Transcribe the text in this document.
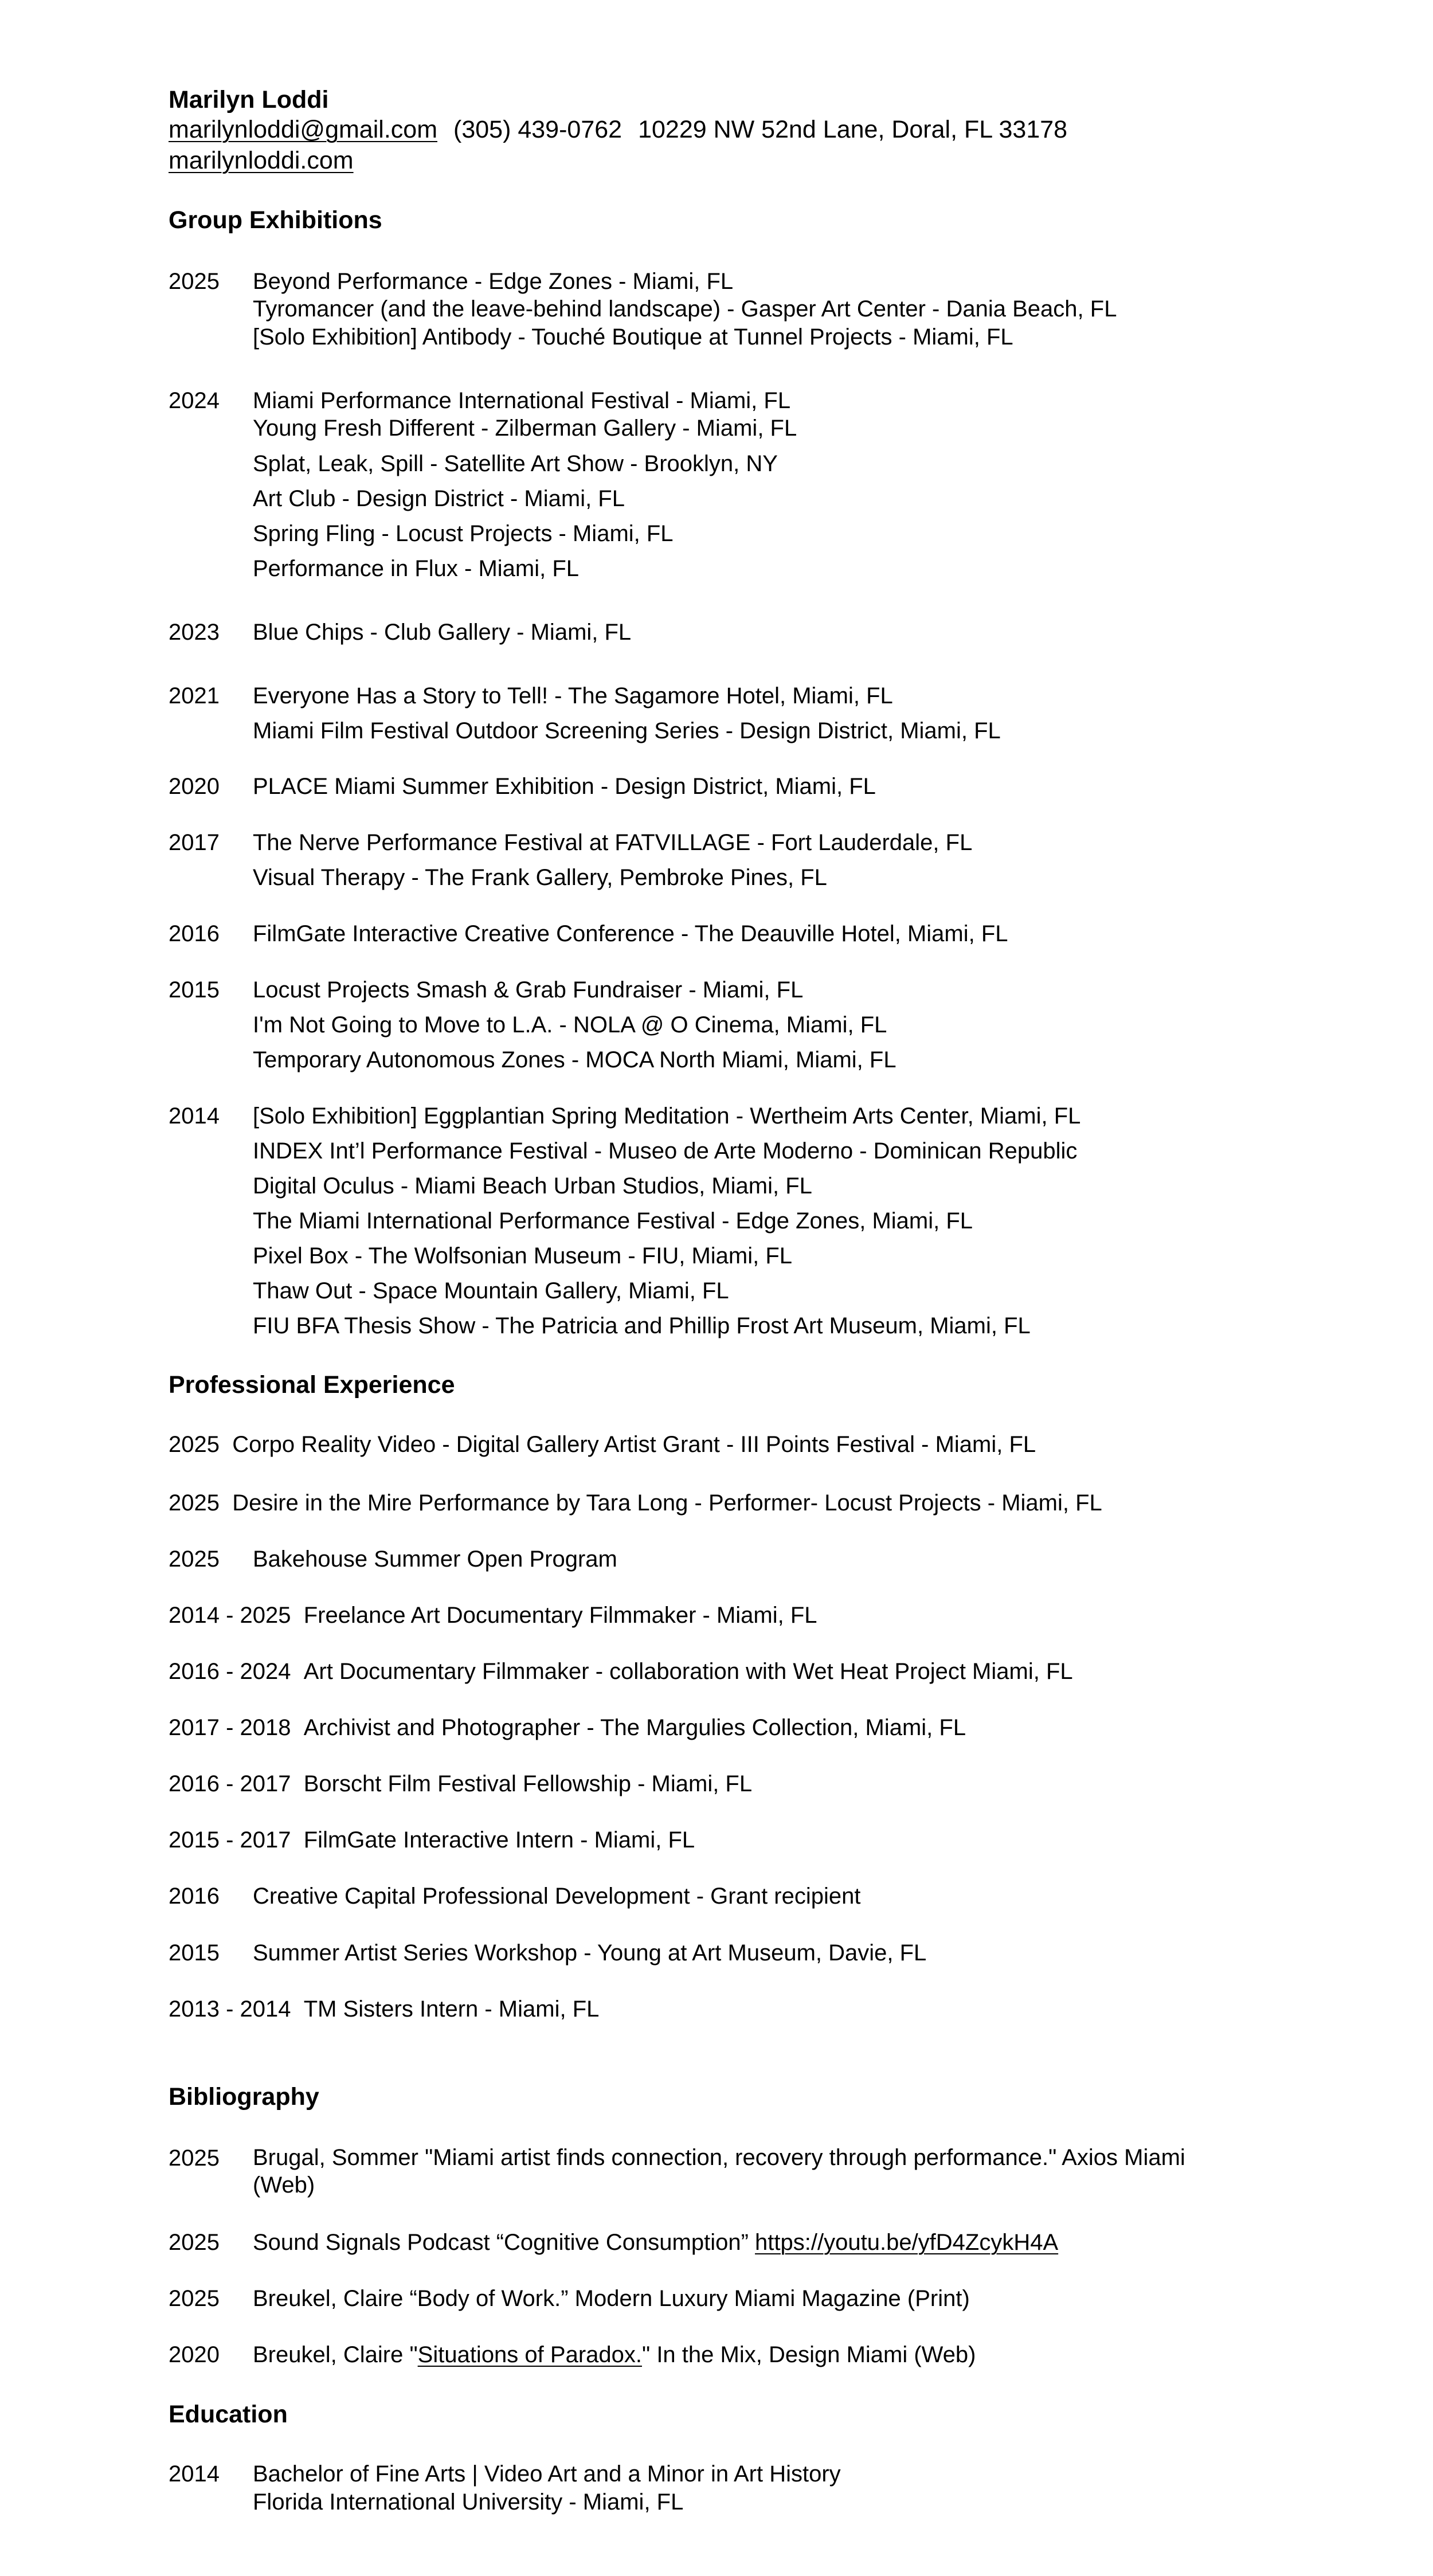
Marilyn Loddi
marilynloddi@gmail.com (305) 439-0762 10229 NW 52nd Lane, Doral, FL 33178
marilynloddi.com
Group Exhibitions
2025 Beyond Performance - Edge Zones - Miami, FL
Tyromancer (and the leave-behind landscape) - Gasper Art Center - Dania Beach, FL
[Solo Exhibition] Antibody - Touché Boutique at Tunnel Projects - Miami, FL
2024 Miami Performance International Festival - Miami, FL
Young Fresh Different - Zilberman Gallery - Miami, FL
Splat, Leak, Spill - Satellite Art Show - Brooklyn, NY
Art Club - Design District - Miami, FL
Spring Fling - Locust Projects - Miami, FL
Performance in Flux - Miami, FL
2023 Blue Chips - Club Gallery - Miami, FL
2021 Everyone Has a Story to Tell! - The Sagamore Hotel, Miami, FL
Miami Film Festival Outdoor Screening Series - Design District, Miami, FL
2020 PLACE Miami Summer Exhibition - Design District, Miami, FL
2017 The Nerve Performance Festival at FATVILLAGE - Fort Lauderdale, FL
Visual Therapy - The Frank Gallery, Pembroke Pines, FL
2016 FilmGate Interactive Creative Conference - The Deauville Hotel, Miami, FL
2015 Locust Projects Smash & Grab Fundraiser - Miami, FL
I'm Not Going to Move to L.A. - NOLA @ O Cinema, Miami, FL
Temporary Autonomous Zones - MOCA North Miami, Miami, FL
2014 [Solo Exhibition] Eggplantian Spring Meditation - Wertheim Arts Center, Miami, FL
INDEX Int’l Performance Festival - Museo de Arte Moderno - Dominican Republic
Digital Oculus - Miami Beach Urban Studios, Miami, FL
The Miami International Performance Festival - Edge Zones, Miami, FL
Pixel Box - The Wolfsonian Museum - FIU, Miami, FL
Thaw Out - Space Mountain Gallery, Miami, FL
FIU BFA Thesis Show - The Patricia and Phillip Frost Art Museum, Miami, FL
Professional Experience
2025 Corpo Reality Video - Digital Gallery Artist Grant - III Points Festival - Miami, FL
2025 Desire in the Mire Performance by Tara Long - Performer- Locust Projects - Miami, FL
2025 Bakehouse Summer Open Program
2014 - 2025 Freelance Art Documentary Filmmaker - Miami, FL
2016 - 2024 Art Documentary Filmmaker - collaboration with Wet Heat Project Miami, FL
2017 - 2018 Archivist and Photographer - The Margulies Collection, Miami, FL
2016 - 2017 Borscht Film Festival Fellowship - Miami, FL
2015 - 2017 FilmGate Interactive Intern - Miami, FL
2016 Creative Capital Professional Development - Grant recipient
2015 Summer Artist Series Workshop - Young at Art Museum, Davie, FL
2013 - 2014 TM Sisters Intern - Miami, FL
Bibliography
2025 Brugal, Sommer "Miami artist finds connection, recovery through performance." Axios Miami (Web)
2025 Sound Signals Podcast “Cognitive Consumption” https://youtu.be/yfD4ZcykH4A
2025 Breukel, Claire “Body of Work.” Modern Luxury Miami Magazine (Print)
2020 Breukel, Claire "Situations of Paradox." In the Mix, Design Miami (Web)
Education
2014 Bachelor of Fine Arts | Video Art and a Minor in Art History
Florida International University - Miami, FL
